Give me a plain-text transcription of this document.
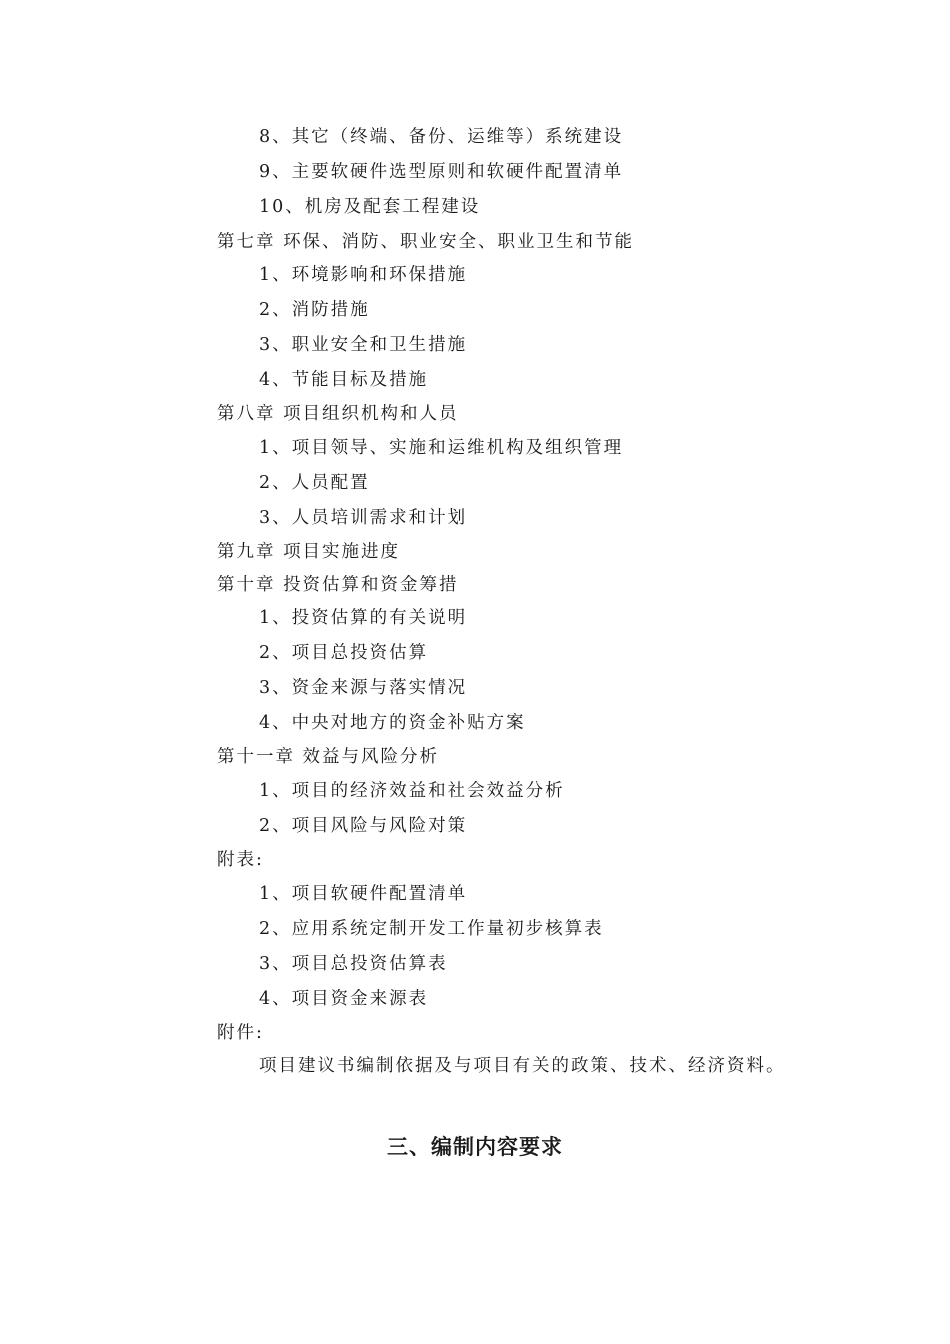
8、其它（终端、备份、运维等）系统建设
9、主要软硬件选型原则和软硬件配置清单
10、机房及配套工程建设
第七章 环保、消防、职业安全、职业卫生和节能
1、环境影响和环保措施
2、消防措施
3、职业安全和卫生措施
4、节能目标及措施
第八章 项目组织机构和人员
1、项目领导、实施和运维机构及组织管理
2、人员配置
3、人员培训需求和计划
第九章 项目实施进度
第十章 投资估算和资金筹措
1、投资估算的有关说明
2、项目总投资估算
3、资金来源与落实情况
4、中央对地方的资金补贴方案
第十一章 效益与风险分析
1、项目的经济效益和社会效益分析
2、项目风险与风险对策
附表:
1、项目软硬件配置清单
2、应用系统定制开发工作量初步核算表
3、项目总投资估算表
4、项目资金来源表
附件:
项目建议书编制依据及与项目有关的政策、技术、经济资料。
三、编制内容要求
